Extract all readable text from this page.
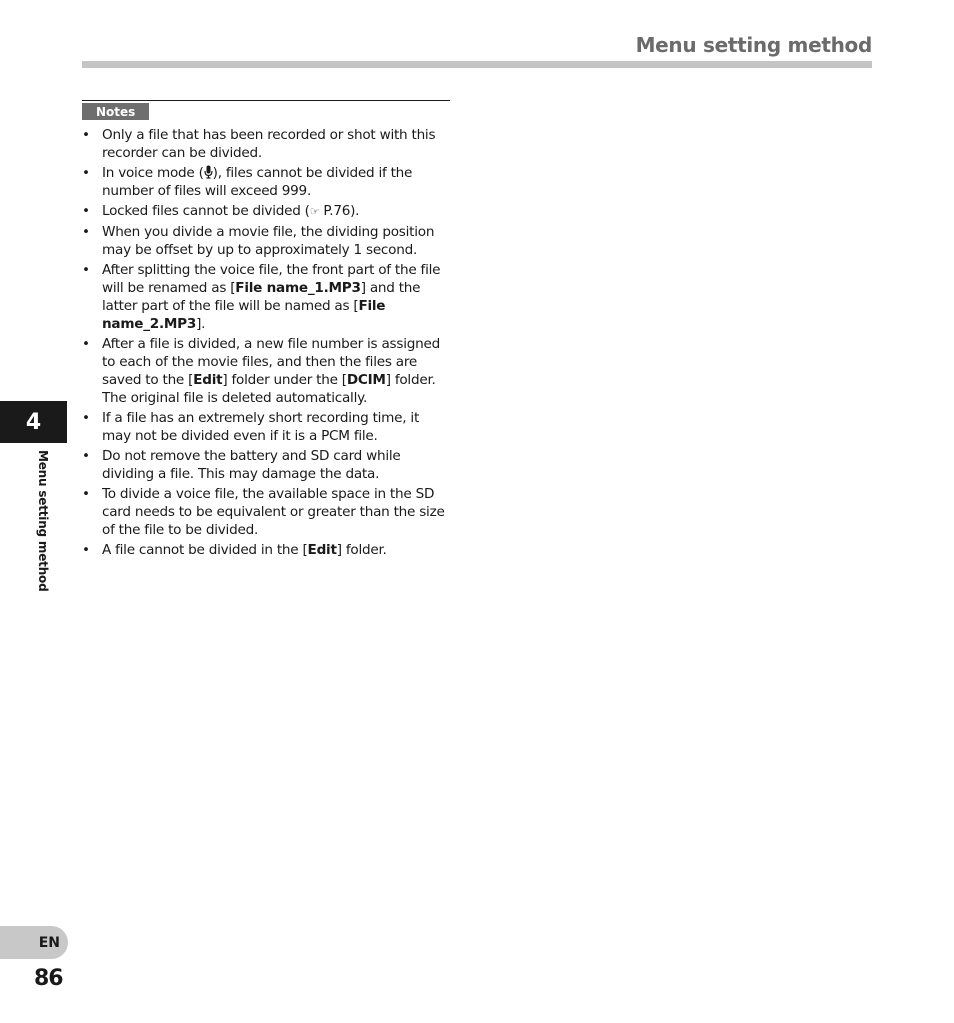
Menu setting method
Notes
• Only a file that has been recorded or shot with this recorder can be divided.
• In voice mode ( ), files cannot be divided if the number of files will exceed 999.
• Locked files cannot be divided (☞ P.76).
• When you divide a movie file, the dividing position may be offset by up to approximately 1 second.
• After splitting the voice file, the front part of the file will be renamed as [File name_1.MP3] and the latter part of the file will be named as [File name_2.MP3].
• After a file is divided, a new file number is assigned to each of the movie files, and then the files are saved to the [Edit] folder under the [DCIM] folder. The original file is deleted automatically.
• If a file has an extremely short recording time, it may not be divided even if it is a PCM file.
• Do not remove the battery and SD card while dividing a file. This may damage the data.
• To divide a voice file, the available space in the SD card needs to be equivalent or greater than the size of the file to be divided.
• A file cannot be divided in the [Edit] folder.
4
Menu setting method
EN
86
